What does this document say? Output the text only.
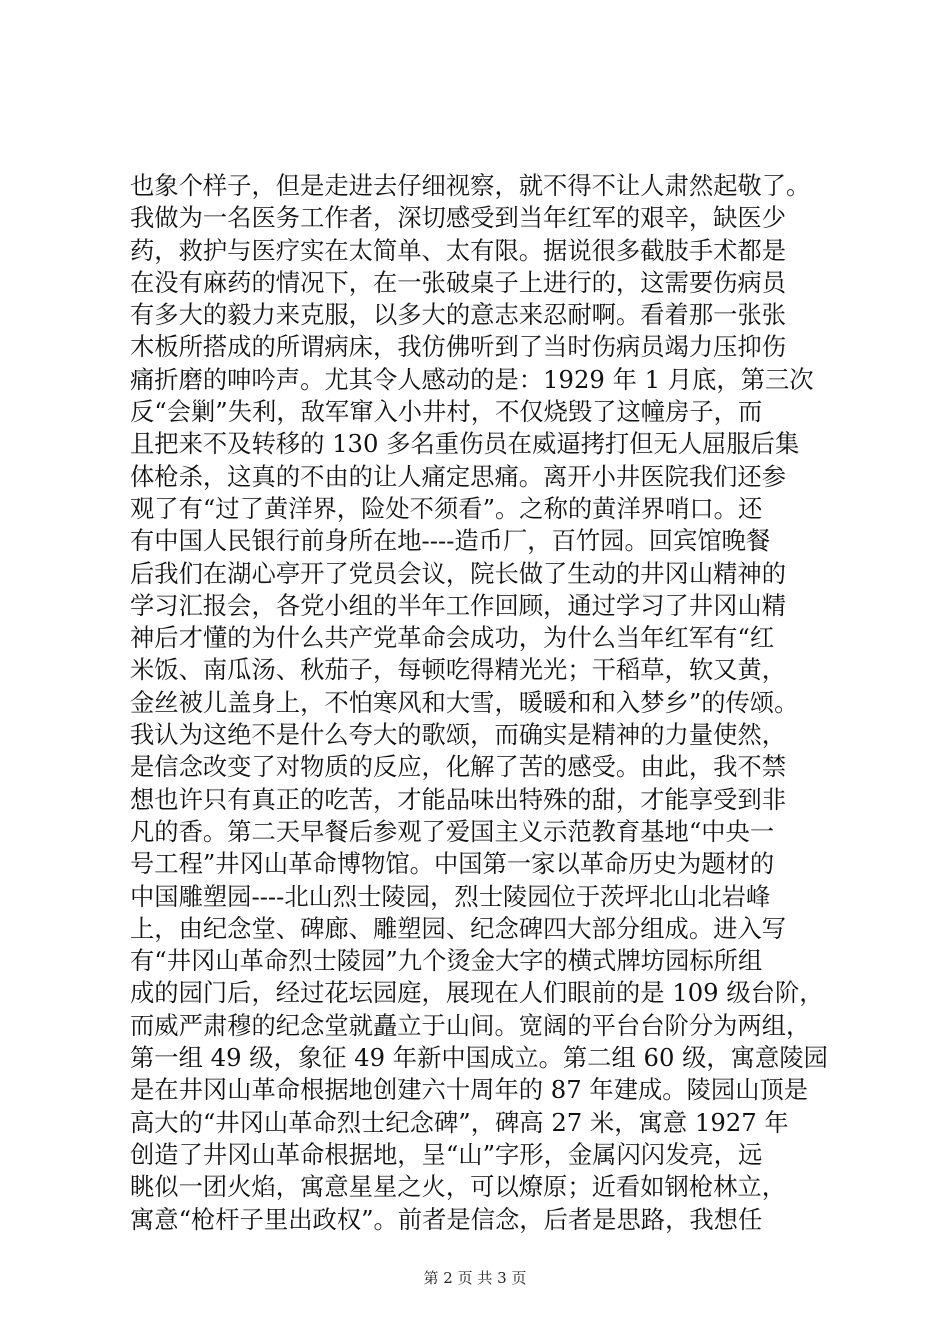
也象个样子，但是走进去仔细视察，就不得不让人肃然起敬了。
我做为一名医务工作者，深切感受到当年红军的艰辛，缺医少
药，救护与医疗实在太简单、太有限。据说很多截肢手术都是
在没有麻药的情况下，在一张破桌子上进行的，这需要伤病员
有多大的毅力来克服，以多大的意志来忍耐啊。看着那一张张
木板所搭成的所谓病床，我仿佛听到了当时伤病员竭力压抑伤
痛折磨的呻吟声。尤其令人感动的是：1929 年 1 月底，第三次
反“会剿”失利，敌军窜入小井村，不仅烧毁了这幢房子，而
且把来不及转移的 130 多名重伤员在威逼拷打但无人屈服后集
体枪杀，这真的不由的让人痛定思痛。离开小井医院我们还参
观了有“过了黄洋界，险处不须看”。之称的黄洋界哨口。还
有中国人民银行前身所在地----造币厂，百竹园。回宾馆晚餐
后我们在湖心亭开了党员会议，院长做了生动的井冈山精神的
学习汇报会，各党小组的半年工作回顾，通过学习了井冈山精
神后才懂的为什么共产党革命会成功，为什么当年红军有“红
米饭、南瓜汤、秋茄子，每顿吃得精光光；干稻草，软又黄，
金丝被儿盖身上，不怕寒风和大雪，暖暖和和入梦乡”的传颂。
我认为这绝不是什么夸大的歌颂，而确实是精神的力量使然，
是信念改变了对物质的反应，化解了苦的感受。由此，我不禁
想也许只有真正的吃苦，才能品味出特殊的甜，才能享受到非
凡的香。第二天早餐后参观了爱国主义示范教育基地“中央一
号工程”井冈山革命博物馆。中国第一家以革命历史为题材的
中国雕塑园----北山烈士陵园，烈士陵园位于茨坪北山北岩峰
上，由纪念堂、碑廊、雕塑园、纪念碑四大部分组成。进入写
有“井冈山革命烈士陵园”九个烫金大字的横式牌坊园标所组
成的园门后，经过花坛园庭，展现在人们眼前的是 109 级台阶，
而威严肃穆的纪念堂就矗立于山间。宽阔的平台台阶分为两组，
第一组 49 级，象征 49 年新中国成立。第二组 60 级，寓意陵园
是在井冈山革命根据地创建六十周年的 87 年建成。陵园山顶是
高大的“井冈山革命烈士纪念碑”，碑高 27 米，寓意 1927 年
创造了井冈山革命根据地，呈“山”字形，金属闪闪发亮，远
眺似一团火焰，寓意星星之火，可以燎原；近看如钢枪林立，
寓意“枪杆子里出政权”。前者是信念，后者是思路，我想任
第 2 页 共 3 页
